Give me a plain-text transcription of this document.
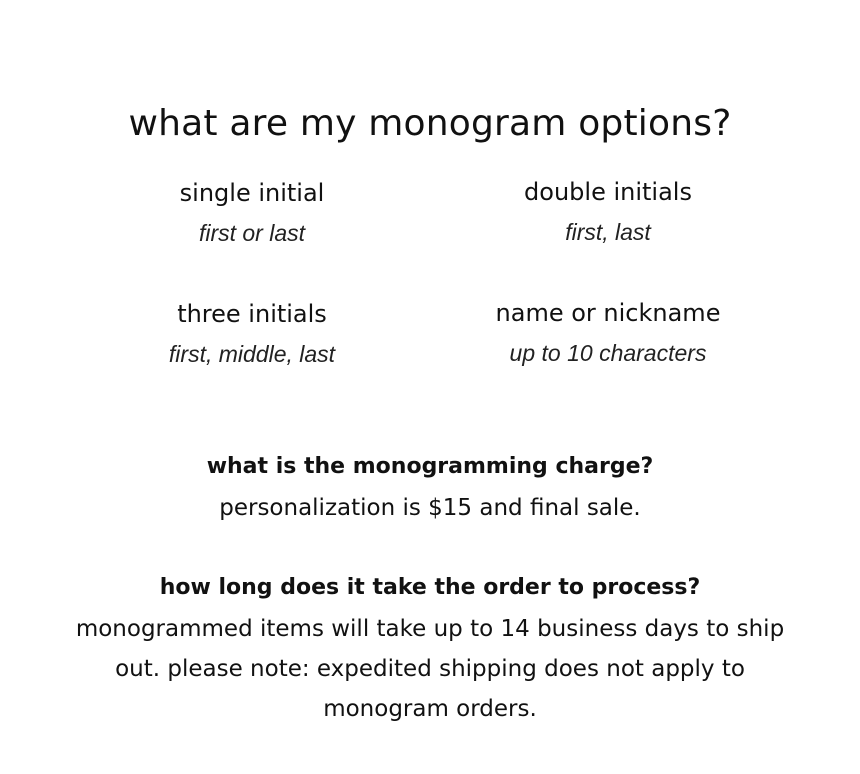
what are my monogram options?
single initial
first or last
double initials
first, last
three initials
first, middle, last
name or nickname
up to 10 characters
what is the monogramming charge?
personalization is $15 and final sale.
how long does it take the order to process?
monogrammed items will take up to 14 business days to ship out. please note: expedited shipping does not apply to monogram orders.
